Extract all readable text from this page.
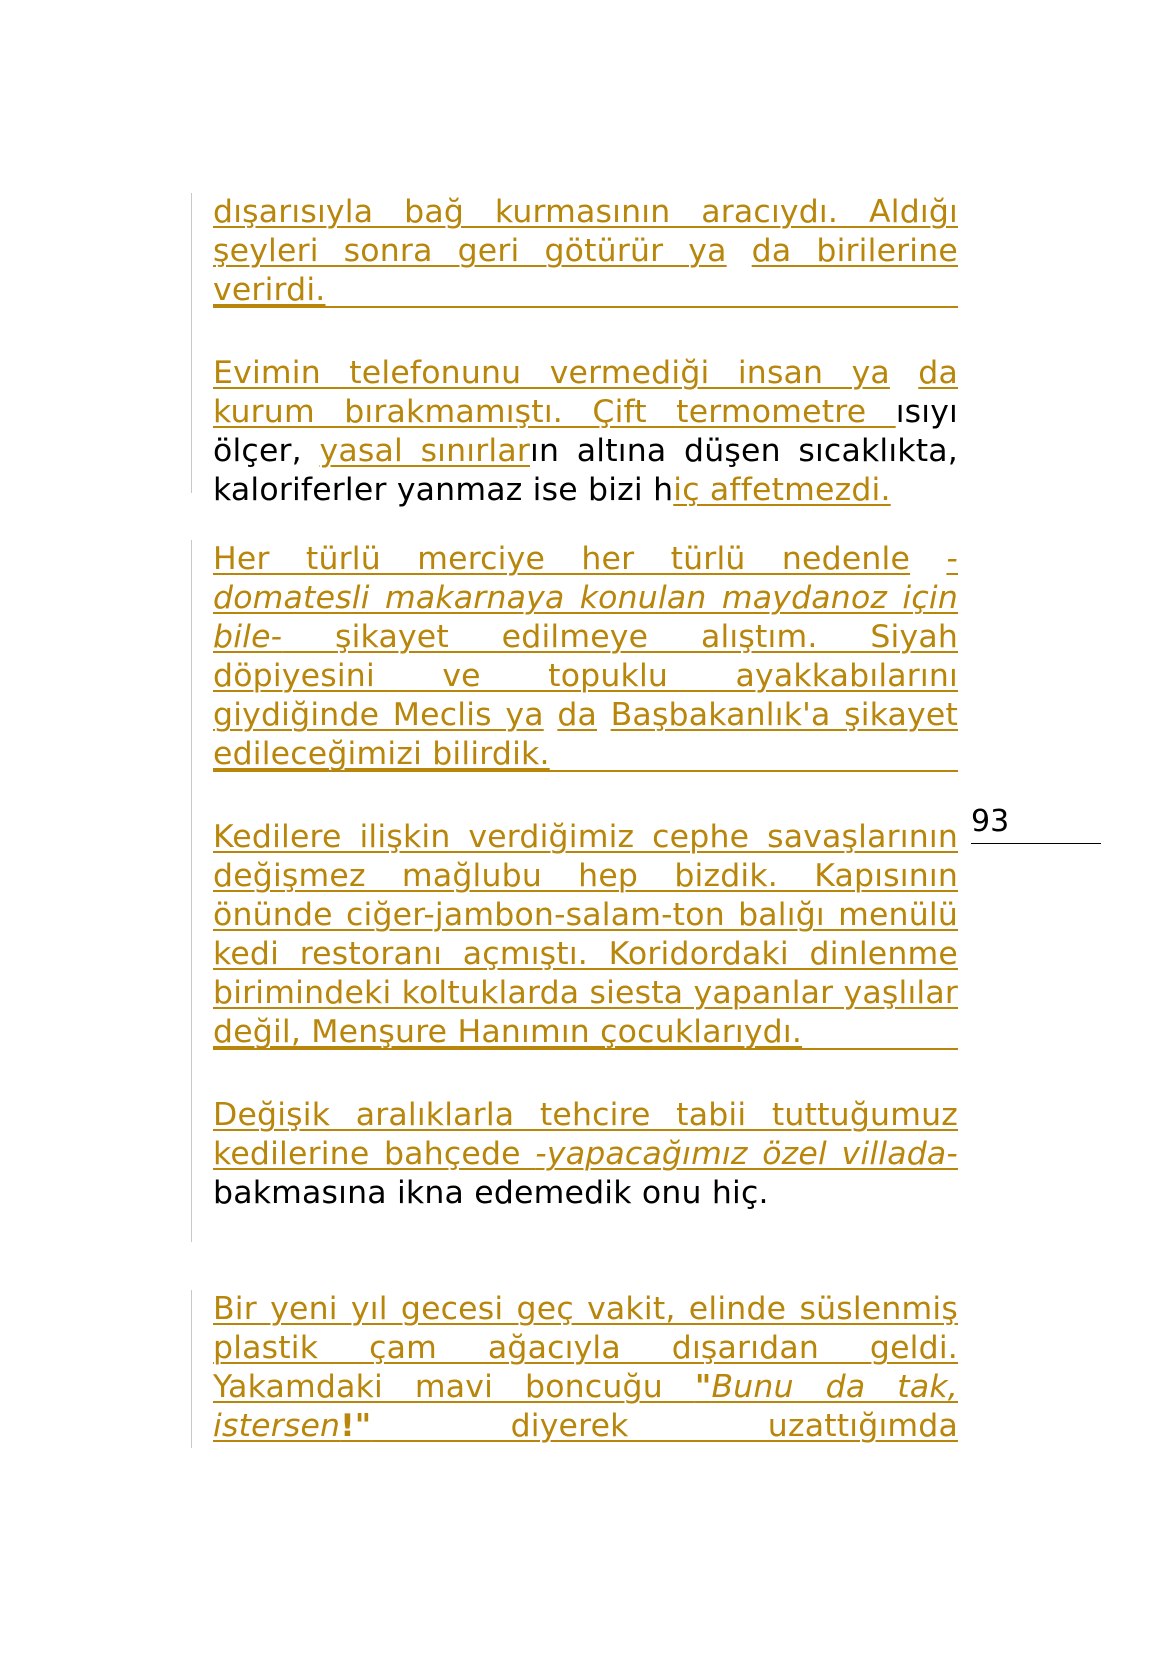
dışarısıyla bağ kurmasının aracıydı. Aldığı şeyleri sonra geri götürür ya da birilerine verirdi.
Evimin telefonunu vermediği insan ya da kurum bırakmamıştı. Çift termometre ısıyı ölçer, yasal sınırların altına düşen sıcaklıkta, kaloriferler yanmaz ise bizi hiç affetmezdi.
Her türlü merciye her türlü nedenle -domatesli makarnaya konulan maydanoz için bile- şikayet edilmeye alıştım. Siyah döpiyesini ve topuklu ayakkabılarını giydiğinde Meclis ya da Başbakanlık'a şikayet edileceğimizi bilirdik.
Kedilere ilişkin verdiğimiz cephe savaşlarının değişmez mağlubu hep bizdik. Kapısının önünde ciğer-jambon-salam-ton balığı menülü kedi restoranı açmıştı. Koridordaki dinlenme birimindeki koltuklarda siesta yapanlar yaşlılar değil, Menşure Hanımın çocuklarıydı.
Değişik aralıklarla tehcire tabii tuttuğumuz kedilerine bahçede -yapacağımız özel villada- bakmasına ikna edemedik onu hiç.
Bir yeni yıl gecesi geç vakit, elinde süslenmiş plastik çam ağacıyla dışarıdan geldi. Yakamdaki mavi boncuğu "Bunu da tak, istersen!" diyerek uzattığımda
93
